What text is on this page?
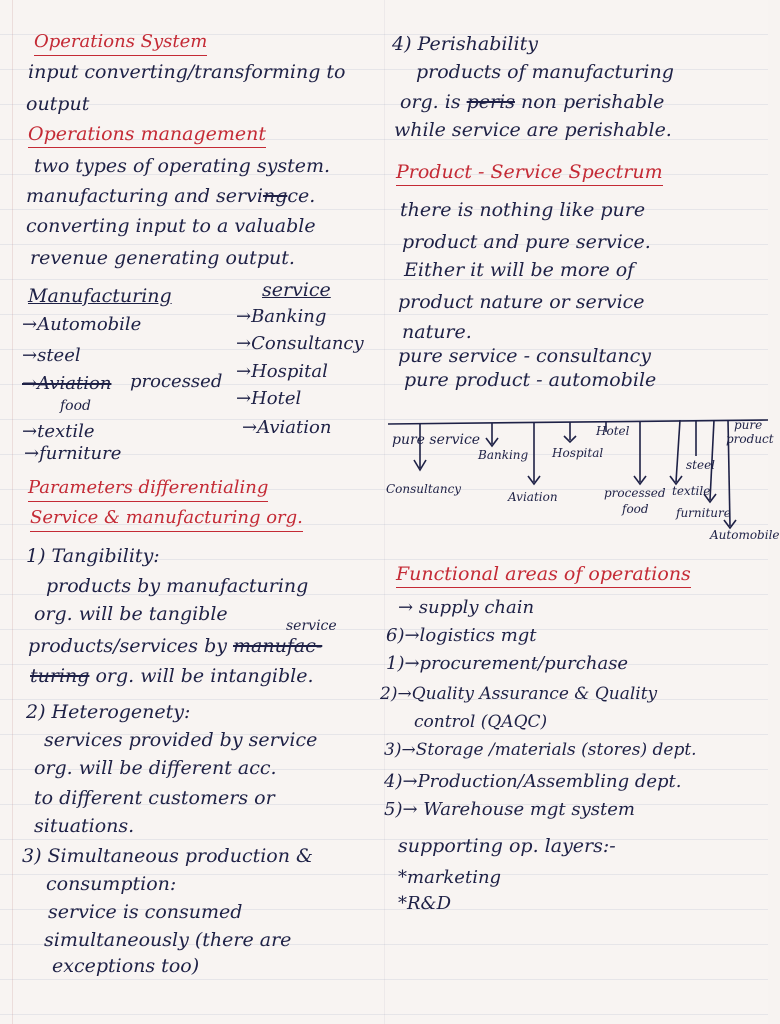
Operations System
input converting/transforming to
output
Operations management
two types of operating system.
manufacturing and servingce.
converting input to a valuable
revenue generating output.
Manufacturing	service
→Automobile
→steel
→Aviation processed
food
→textile
→furniture
→Banking
→Consultancy
→Hospital
→Hotel
→Aviation
Parameters differentialing
Service & manufacturing org.
1) Tangibility:
products by manufacturing
org. will be tangible
service
products/services by manufac-
turing org. will be intangible.
2) Heterogenety:
services provided by service
org. will be different acc.
to different customers or
situations.
3) Simultaneous production &
consumption:
service is consumed
simultaneously (there are
exceptions too)
4) Perishability
products of manufacturing
org. is peris non perishable
while service are perishable.
Product - Service Spectrum
there is nothing like pure
product and pure service.
Either it will be more of
product nature or service
nature.
pure service - consultancy
pure product - automobile
pure service
pure
product
Banking Hospital
Hotel
steel
Consultancy
Aviation	processed
food
textile
furniture
Automobile
Functional areas of operations
→ supply chain
6)→logistics mgt
1)→procurement/purchase
2)→Quality Assurance & Quality
control (QAQC)
3)→Storage /materials (stores) dept.
4)→Production/Assembling dept.
5)→ Warehouse mgt system
supporting op. layers:-
*marketing
*R&D
